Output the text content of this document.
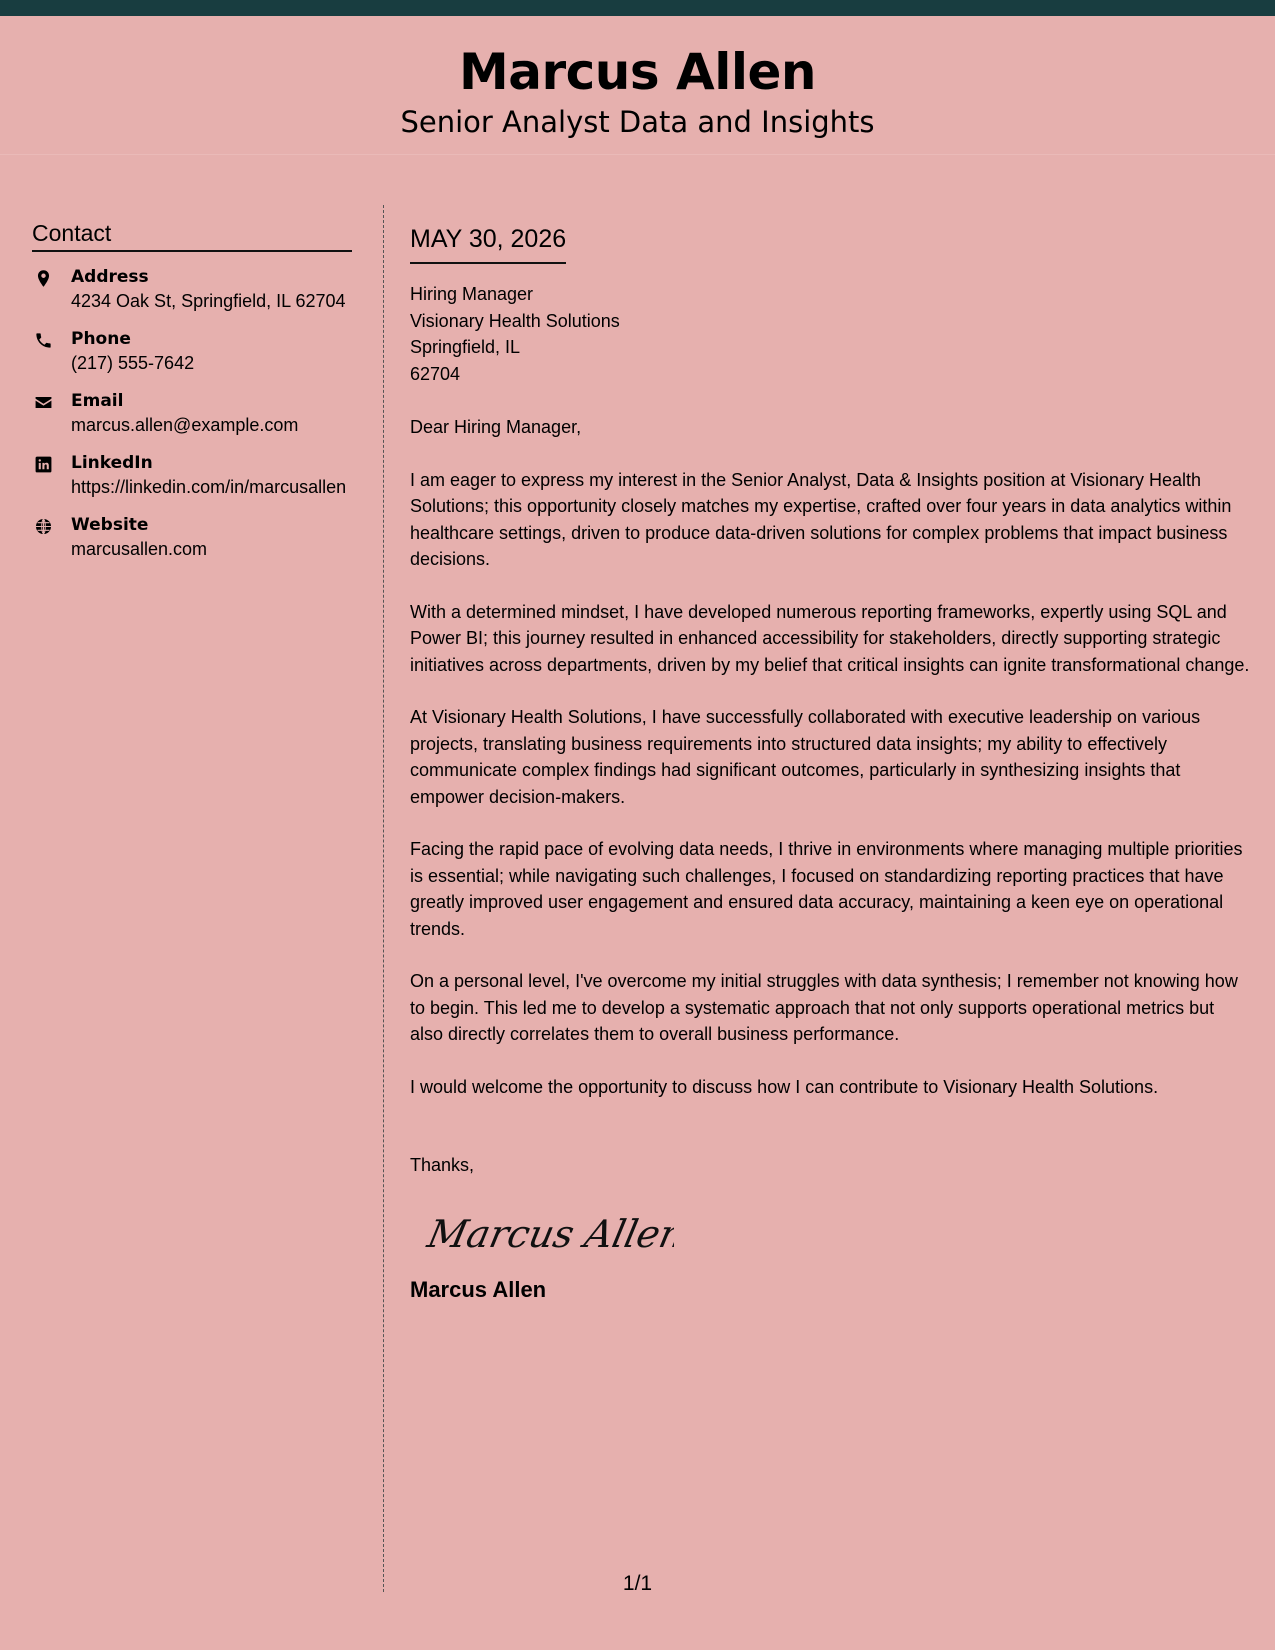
Marcus Allen
Senior Analyst Data and Insights
Contact
Address
4234 Oak St, Springfield, IL 62704
Phone
(217) 555-7642
Email
marcus.allen@example.com
LinkedIn
https://linkedin.com/in/marcusallen
Website
marcusallen.com
MAY 30, 2026
Hiring Manager
Visionary Health Solutions
Springfield, IL
62704
Dear Hiring Manager,
I am eager to express my interest in the Senior Analyst, Data & Insights position at Visionary Health Solutions; this opportunity closely matches my expertise, crafted over four years in data analytics within healthcare settings, driven to produce data-driven solutions for complex problems that impact business decisions.
With a determined mindset, I have developed numerous reporting frameworks, expertly using SQL and Power BI; this journey resulted in enhanced accessibility for stakeholders, directly supporting strategic initiatives across departments, driven by my belief that critical insights can ignite transformational change.
At Visionary Health Solutions, I have successfully collaborated with executive leadership on various projects, translating business requirements into structured data insights; my ability to effectively communicate complex findings had significant outcomes, particularly in synthesizing insights that empower decision-makers.
Facing the rapid pace of evolving data needs, I thrive in environments where managing multiple priorities is essential; while navigating such challenges, I focused on standardizing reporting practices that have greatly improved user engagement and ensured data accuracy, maintaining a keen eye on operational trends.
On a personal level, I've overcome my initial struggles with data synthesis; I remember not knowing how to begin. This led me to develop a systematic approach that not only supports operational metrics but also directly correlates them to overall business performance.
I would welcome the opportunity to discuss how I can contribute to Visionary Health Solutions.
Thanks,
Marcus Allen
Marcus Allen
1/1
